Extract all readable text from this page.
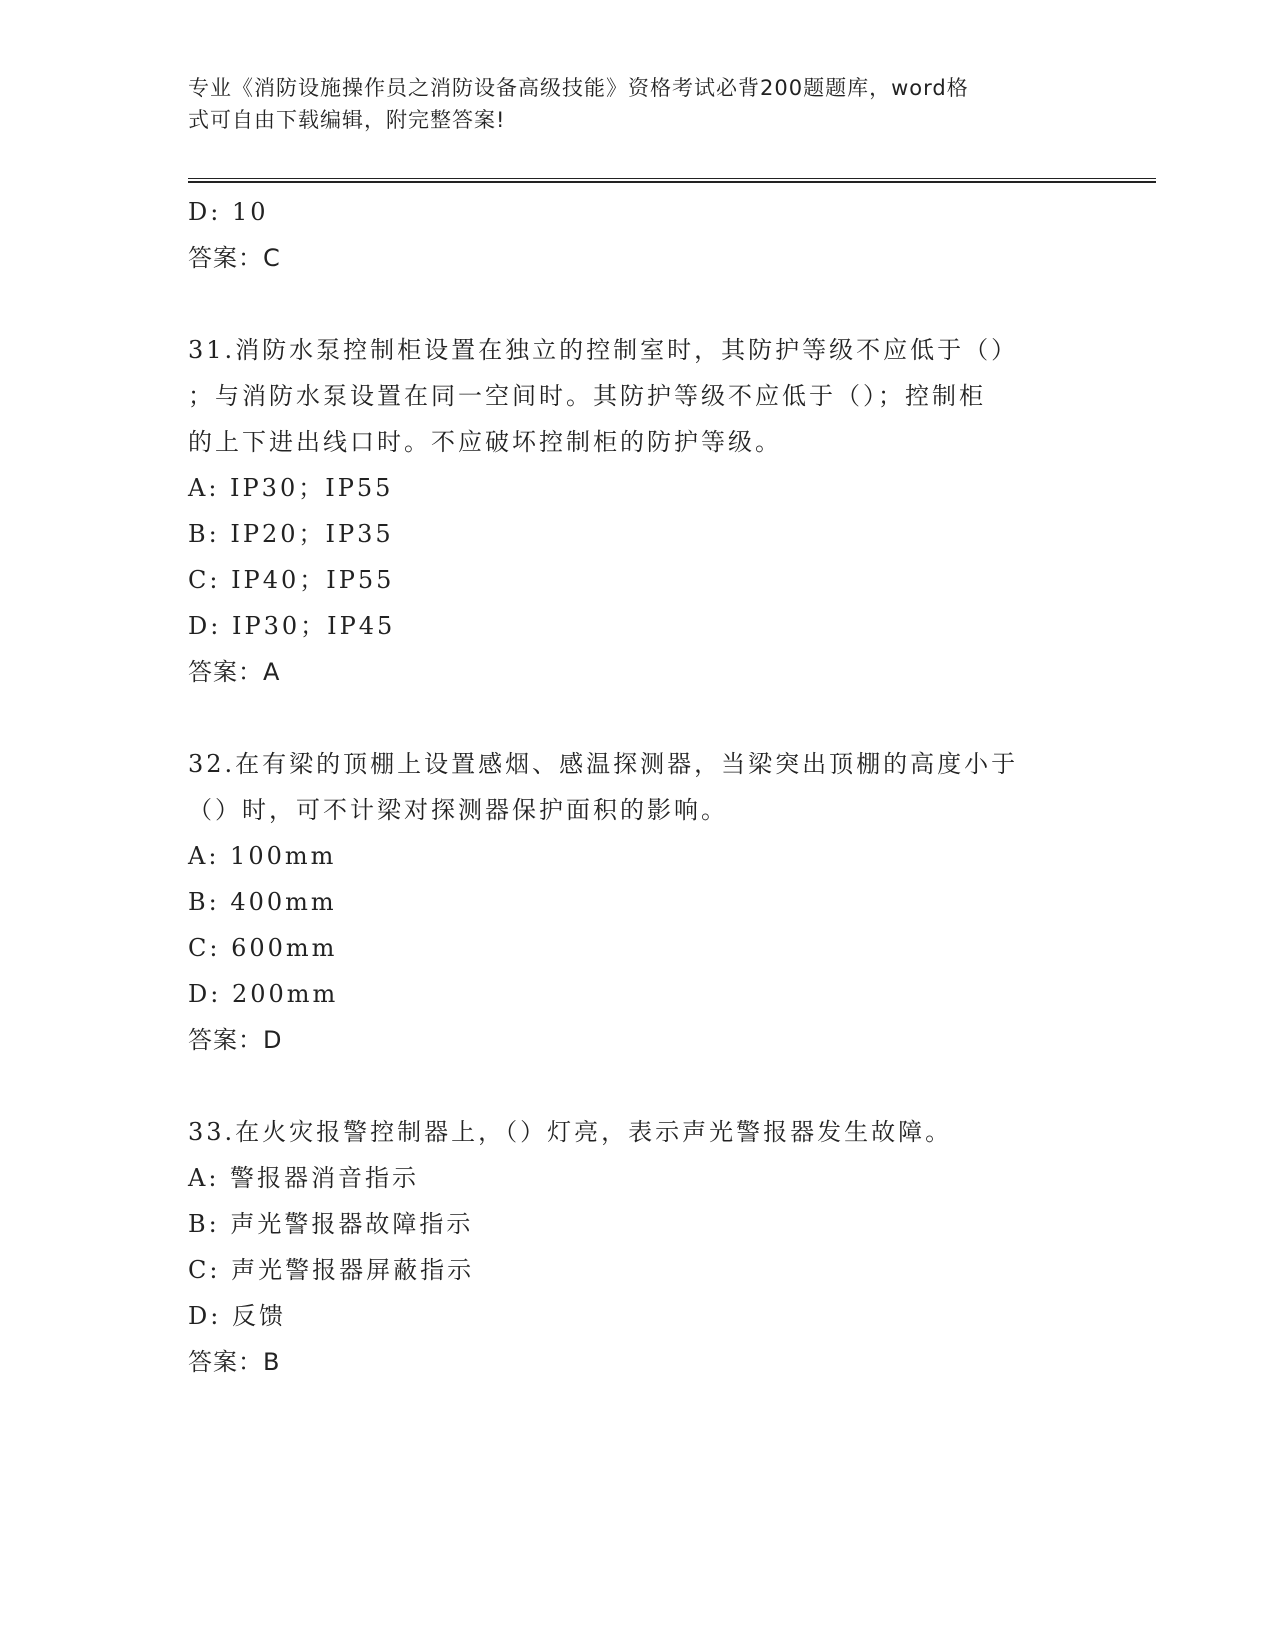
专业《消防设施操作员之消防设备高级技能》资格考试必背200题题库，word格
式可自由下载编辑，附完整答案!
D: 10
答案：C
31.消防水泵控制柜设置在独立的控制室时，其防护等级不应低于（）
；与消防水泵设置在同一空间时。其防护等级不应低于（）；控制柜
的上下进出线口时。不应破坏控制柜的防护等级。
A: IP30；IP55
B: IP20；IP35
C: IP40；IP55
D: IP30；IP45
答案：A
32.在有梁的顶棚上设置感烟、感温探测器，当梁突出顶棚的高度小于
（）时，可不计梁对探测器保护面积的影响。
A: 100mm
B: 400mm
C: 600mm
D: 200mm
答案：D
33.在火灾报警控制器上，（）灯亮，表示声光警报器发生故障。
A: 警报器消音指示
B: 声光警报器故障指示
C: 声光警报器屏蔽指示
D: 反馈
答案：B
